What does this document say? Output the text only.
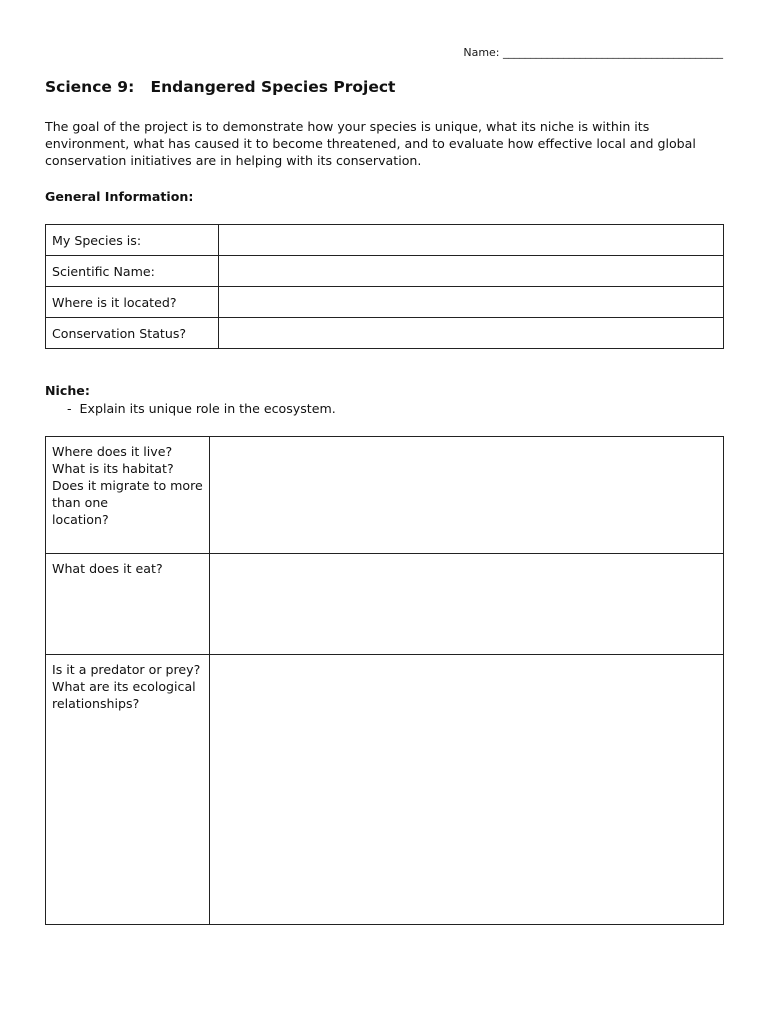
Name: ________________________________________
Science 9:   Endangered Species Project

The goal of the project is to demonstrate how your species is unique, what its niche is within its environment, what has caused it to become threatened, and to evaluate how effective local and global conservation initiatives are in helping with its conservation.

General Information:

My Species is:	
Scientific Name:	
Where is it located?	
Conservation Status?	

Niche:

-  Explain its unique role in the ecosystem.

Where does it live?
What is its habitat?
Does it migrate to more than one
location?	

What does it eat?	

Is it a predator or prey?
What are its ecological relationships?	
